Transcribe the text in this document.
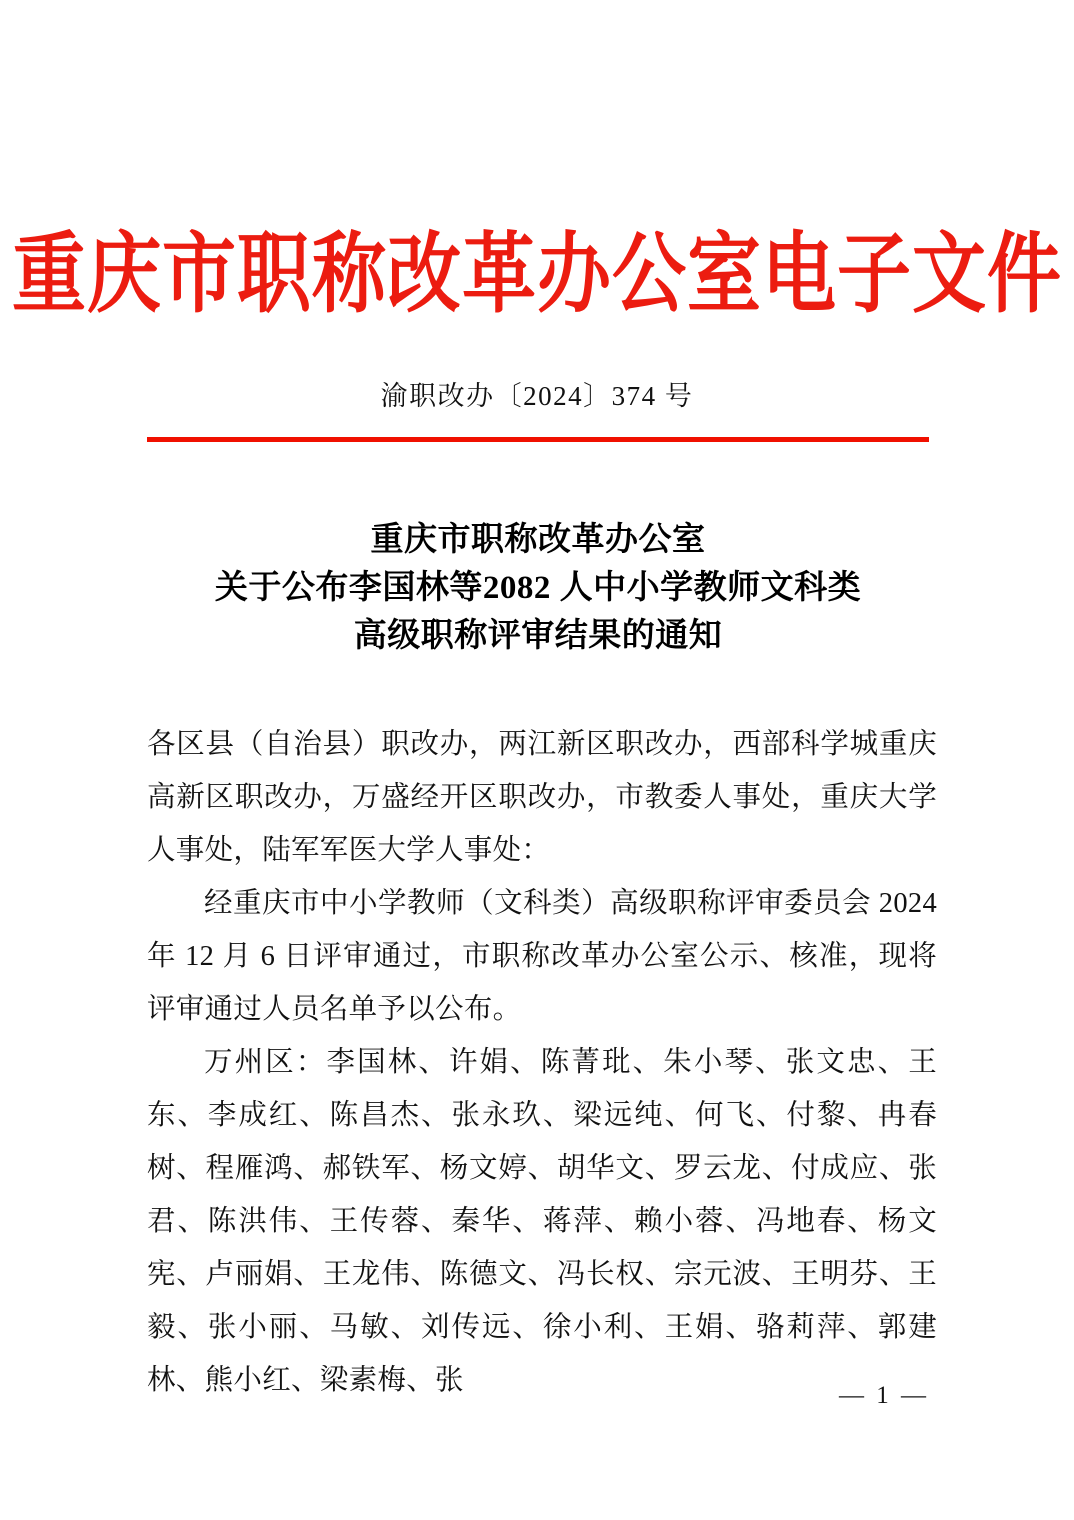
重庆市职称改革办公室电子文件
渝职改办〔2024〕374 号
重庆市职称改革办公室
关于公布李国林等2082 人中小学教师文科类
高级职称评审结果的通知

各区县（自治县）职改办，两江新区职改办，西部科学城重庆高新区职改办，万盛经开区职改办，市教委人事处，重庆大学人事处，陆军军医大学人事处：

经重庆市中小学教师（文科类）高级职称评审委员会 2024 年 12 月 6 日评审通过，市职称改革办公室公示、核准，现将评审通过人员名单予以公布。

万州区：李国林、许娟、陈菁玭、朱小琴、张文忠、王东、李成红、陈昌杰、张永玖、梁远纯、何飞、付黎、冉春树、程雁鸿、郝铁军、杨文婷、胡华文、罗云龙、付成应、张君、陈洪伟、王传蓉、秦华、蒋萍、赖小蓉、冯地春、杨文宪、卢丽娟、王龙伟、陈德文、冯长权、宗元波、王明芬、王毅、张小丽、马敏、刘传远、徐小利、王娟、骆莉萍、郭建林、熊小红、梁素梅、张	— 1 —
